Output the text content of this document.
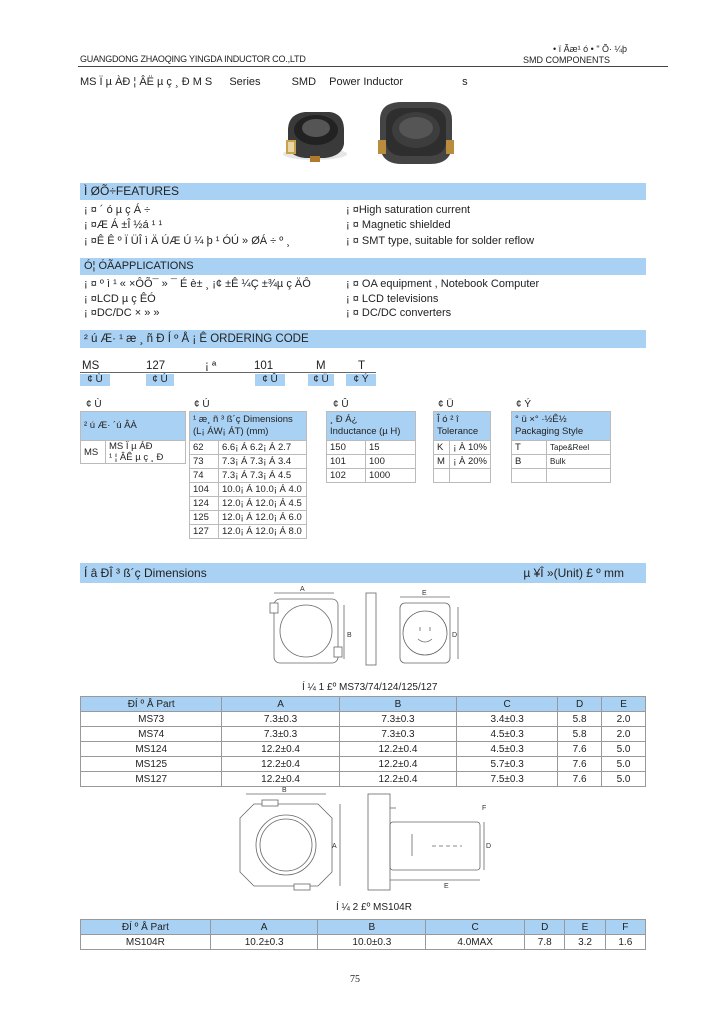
GUANGDONG ZHAOQING YINGDA INDUCTOR CO.,LTD
• ï Ãæ¹ ó • " Õ· ¼þ
SMD COMPONENTS
MS Ï µ ÀÐ ¦ ÂË µ ç ¸ Ð M S Series	SMD Power Inductor	s
Ì ØÕ÷FEATURES
¡ ¤ ´ ó µ ç Á ÷
¡ ¤Æ Á ±Î ½á ¹ ¹
¡ ¤Ê Ê º Ï ÜÎ ì Ä ÚÆ Ú ¼ þ ¹ ÓÚ » ØÁ ÷ º ¸
¡ ¤High saturation current
¡ ¤ Magnetic shielded
¡ ¤ SMT type, suitable for solder reflow
Ó¦ ÓÃAPPLICATIONS
¡ ¤ º ì ¹ « ×ÔÕ¯ » ¯ É è± ¸ ¡¢ ±Ê ¼Ç ±¾µ ç ÄÔ
¡ ¤LCD µ ç ÊÓ
¡ ¤DC/DC × » »
¡ ¤ OA equipment , Notebook Computer
¡ ¤ LCD televisions
¡ ¤ DC/DC converters
² ú Æ· ¹ æ ¸ ñ Ð Í º Å ¡ Ê ORDERING CODE
MS	127	¡ ª	101	M	T
¢ Ù	¢ Ú	¢ Û	¢ Ü	¢ Ý
¢ Ù
² ú Æ· ´ú ÂÀ
MS	MS Ï µ ÁÐ
¹ ¦ ÂÊ µ ç ¸ Ð
¢ Ú
¹ æ¸ ñ ³ ß´ç Dimensions
(L¡ ÁW¡ ÁT) (mm)	

62	6.6¡ Á 6.2¡ Á 2.7
73	7.3¡ Á 7.3¡ Á 3.4
74	7.3¡ Á 7.3¡ Á 4.5
104	10.0¡ Á 10.0¡ Á 4.0
124	12.0¡ Á 12.0¡ Á 4.5
125	12.0¡ Á 12.0¡ Á 6.0
127	12.0¡ Á 12.0¡ Á 8.0
¢ Û
¸ Ð Á¿
Inductance (µ H)	

150	15
101	100
102	1000
¢ Ü
Î ó ² î
Tolerance	

K	¡ À 10%
M	¡ À 20%

¢ Ý
° ü ×° ·½Ê½
Packaging Style	

T	Tape&Reel
B	Bulk

Í â ÐÎ ³ ß´ç Dimensions	µ ¥Î »(Unit) £ º mm
A
B
E
D
Í ¼ 1 £º MS73/74/124/125/127
ÐÍ º Å Part	A	B	C	D	E
MS73	7.3±0.3	7.3±0.3	3.4±0.3	5.8	2.0
MS74	7.3±0.3	7.3±0.3	4.5±0.3	5.8	2.0
MS124	12.2±0.4	12.2±0.4	4.5±0.3	7.6	5.0
MS125	12.2±0.4	12.2±0.4	5.7±0.3	7.6	5.0
MS127	12.2±0.4	12.2±0.4	7.5±0.3	7.6	5.0
B
A
F
D
E
Í ¼ 2 £º MS104R
ÐÍ º Å Part	A	B	C	D	E	F
MS104R	10.2±0.3	10.0±0.3	4.0MAX	7.8	3.2	1.6
75
